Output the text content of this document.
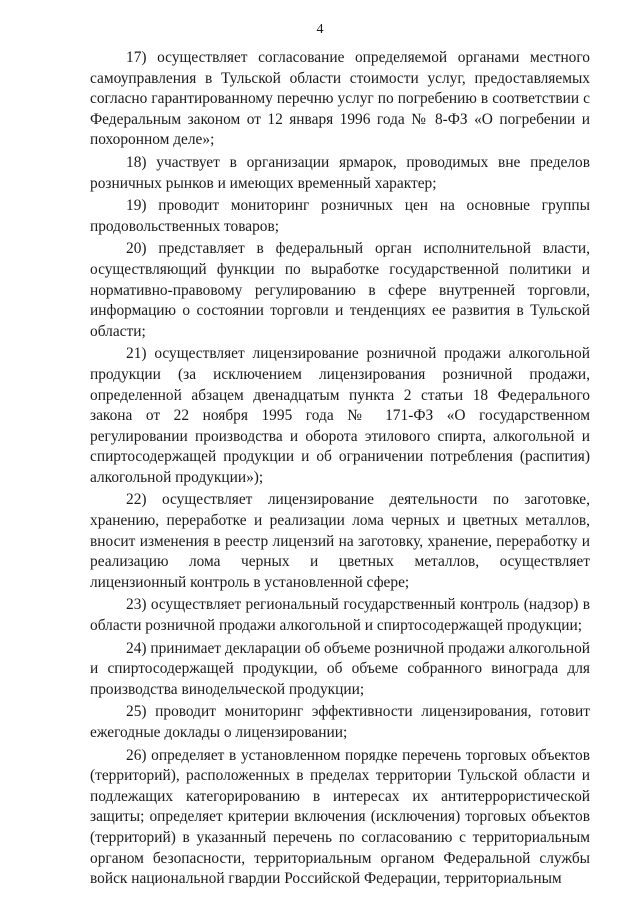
4

17) осуществляет согласование определяемой органами местного самоуправления в Тульской области стоимости услуг, предоставляемых согласно гарантированному перечню услуг по погребению в соответствии с Федеральным законом от 12 января 1996 года № 8-ФЗ «О погребении и похоронном деле»;

18) участвует в организации ярмарок, проводимых вне пределов розничных рынков и имеющих временный характер;

19) проводит мониторинг розничных цен на основные группы продовольственных товаров;

20) представляет в федеральный орган исполнительной власти, осуществляющий функции по выработке государственной политики и нормативно-правовому регулированию в сфере внутренней торговли, информацию о состоянии торговли и тенденциях ее развития в Тульской области;

21) осуществляет лицензирование розничной продажи алкогольной продукции (за исключением лицензирования розничной продажи, определенной абзацем двенадцатым пункта 2 статьи 18 Федерального закона от 22 ноября 1995 года № 171-ФЗ «О государственном регулировании производства и оборота этилового спирта, алкогольной и спиртосодержащей продукции и об ограничении потребления (распития) алкогольной продукции»);

22) осуществляет лицензирование деятельности по заготовке, хранению, переработке и реализации лома черных и цветных металлов, вносит изменения в реестр лицензий на заготовку, хранение, переработку и реализацию лома черных и цветных металлов, осуществляет лицензионный контроль в установленной сфере;

23) осуществляет региональный государственный контроль (надзор) в области розничной продажи алкогольной и спиртосодержащей продукции;

24) принимает декларации об объеме розничной продажи алкогольной и спиртосодержащей продукции, об объеме собранного винограда для производства винодельческой продукции;

25) проводит мониторинг эффективности лицензирования, готовит ежегодные доклады о лицензировании;

26) определяет в установленном порядке перечень торговых объектов (территорий), расположенных в пределах территории Тульской области и подлежащих категорированию в интересах их антитеррористической защиты; определяет критерии включения (исключения) торговых объектов (территорий) в указанный перечень по согласованию с территориальным органом безопасности, территориальным органом Федеральной службы войск национальной гвардии Российской Федерации, территориальным
